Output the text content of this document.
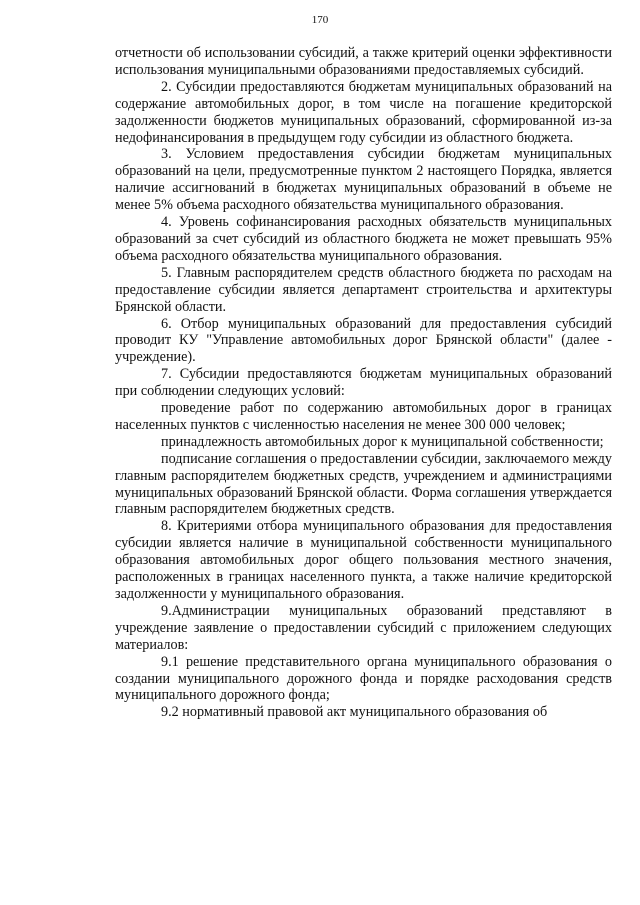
170

отчетности об использовании субсидий, а также критерий оценки эффективности использования муниципальными образованиями предоставляемых субсидий.

2. Субсидии предоставляются бюджетам муниципальных образований на содержание автомобильных дорог, в том числе на погашение кредиторской задолженности бюджетов муниципальных образований, сформированной из-за недофинансирования в предыдущем году субсидии из областного бюджета.

3. Условием предоставления субсидии бюджетам муниципальных образований на цели, предусмотренные пунктом 2 настоящего Порядка, является наличие ассигнований в бюджетах муниципальных образований в объеме не менее 5% объема расходного обязательства муниципального образования.

4. Уровень софинансирования расходных обязательств муниципальных образований за счет субсидий из областного бюджета не может превышать 95% объема расходного обязательства муниципального образования.

5. Главным распорядителем средств областного бюджета по расходам на предоставление субсидии является департамент строительства и архитектуры Брянской области.

6. Отбор муниципальных образований для предоставления субсидий проводит КУ "Управление автомобильных дорог Брянской области" (далее - учреждение).

7. Субсидии предоставляются бюджетам муниципальных образований при соблюдении следующих условий:

проведение работ по содержанию автомобильных дорог в границах населенных пунктов с численностью населения не менее 300 000 человек;

принадлежность автомобильных дорог к муниципальной собственности;

подписание соглашения о предоставлении субсидии, заключаемого между главным распорядителем бюджетных средств, учреждением и администрациями муниципальных образований Брянской области. Форма соглашения утверждается главным распорядителем бюджетных средств.

8. Критериями отбора муниципального образования для предоставления субсидии является наличие в муниципальной собственности муниципального образования автомобильных дорог общего пользования местного значения, расположенных в границах населенного пункта, а также наличие кредиторской задолженности у муниципального образования.

9.Администрации муниципальных образований представляют в учреждение заявление о предоставлении субсидий с приложением следующих материалов:

9.1 решение представительного органа муниципального образования о создании муниципального дорожного фонда и порядке расходования средств муниципального дорожного фонда;

9.2 нормативный правовой акт муниципального образования об
